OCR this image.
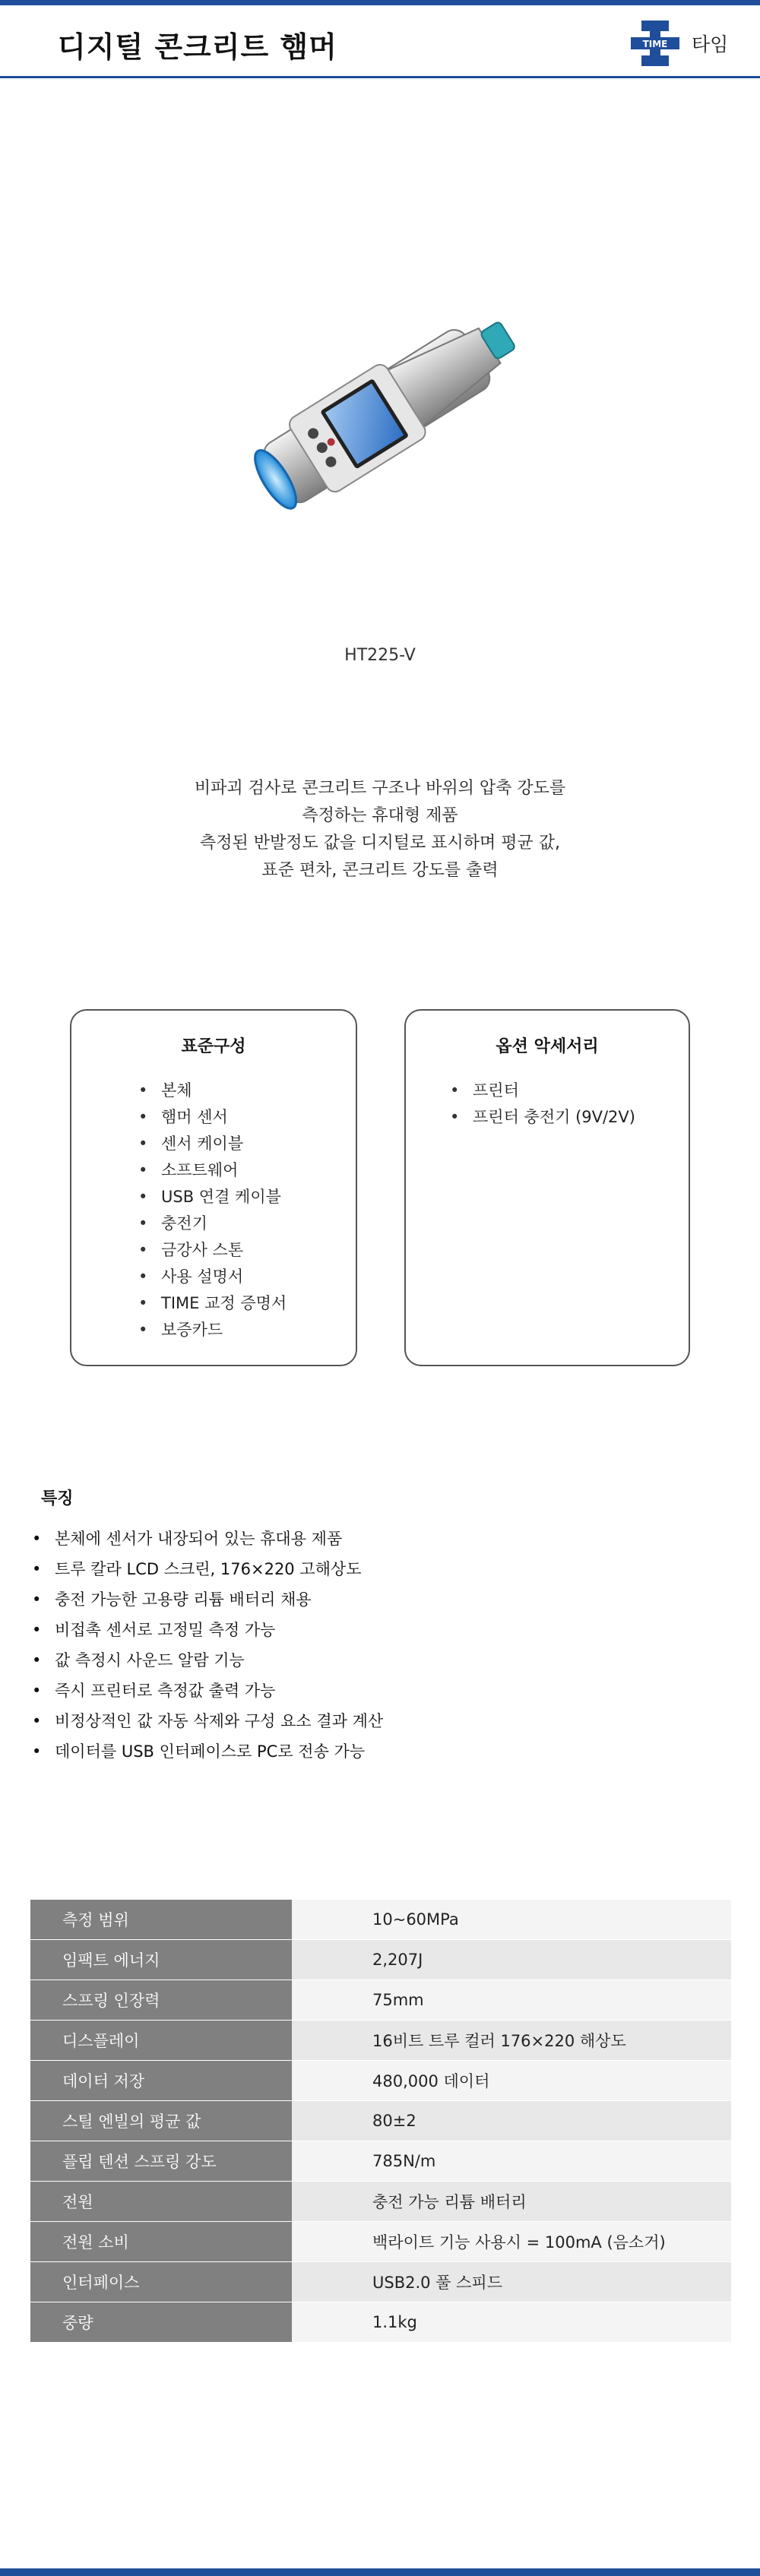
디지털 콘크리트 햄머	TIME 타임
HT225-V
비파괴 검사로 콘크리트 구조나 바위의 압축 강도를
측정하는 휴대형 제품
측정된 반발정도 값을 디지털로 표시하며 평균 값,
표준 편차, 콘크리트 강도를 출력
표준구성
• 본체
• 햄머 센서
• 센서 케이블
• 소프트웨어
• USB 연결 케이블
• 충전기
• 금강사 스톤
• 사용 설명서
• TIME 교정 증명서
• 보증카드
옵션 악세서리
• 프린터
• 프린터 충전기 (9V/2V)
특징
• 본체에 센서가 내장되어 있는 휴대용 제품
• 트루 칼라 LCD 스크린, 176×220 고해상도
• 충전 가능한 고용량 리튬 배터리 채용
• 비접촉 센서로 고정밀 측정 가능
• 값 측정시 사운드 알람 기능
• 즉시 프린터로 측정값 출력 가능
• 비정상적인 값 자동 삭제와 구성 요소 결과 계산
• 데이터를 USB 인터페이스로 PC로 전송 가능
측정 범위	10~60MPa
임팩트 에너지	2,207J
스프링 인장력	75mm
디스플레이	16비트 트루 컬러 176×220 해상도
데이터 저장	480,000 데이터
스틸 엔빌의 평균 값	80±2
플립 텐션 스프링 강도	785N/m
전원	충전 가능 리튬 배터리
전원 소비	백라이트 기능 사용시 = 100mA (음소거)
인터페이스	USB2.0 풀 스피드
중량	1.1kg
